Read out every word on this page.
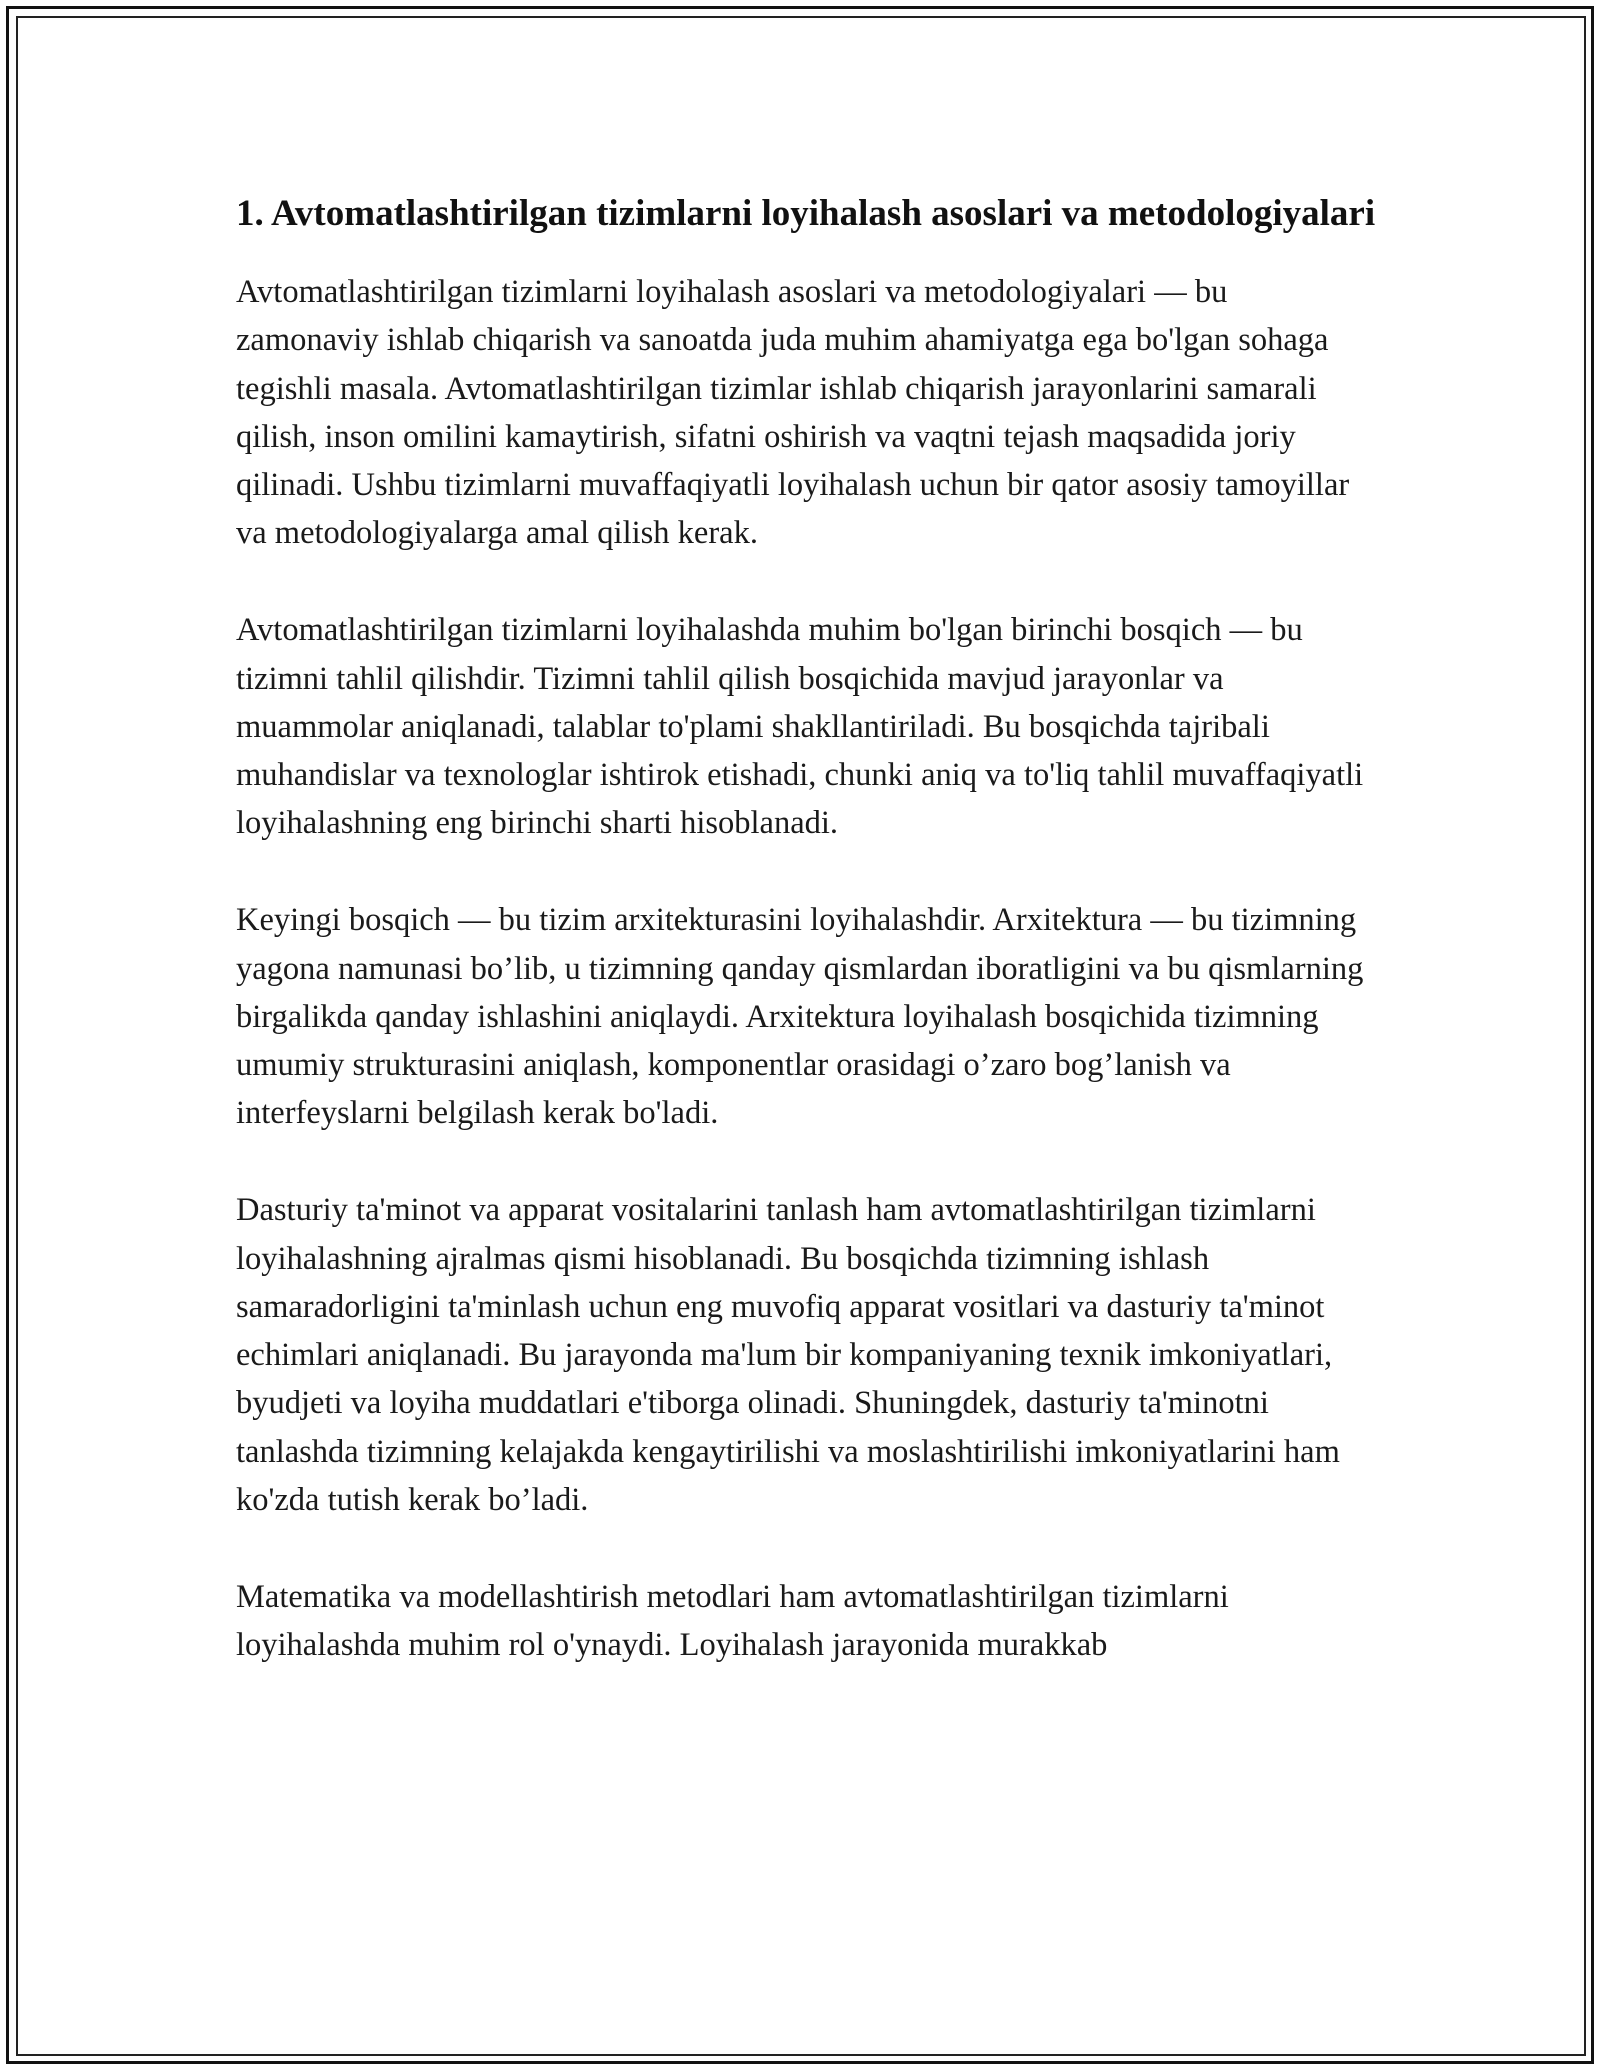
1. Avtomatlashtirilgan tizimlarni loyihalash asoslari va metodologiyalari

Avtomatlashtirilgan tizimlarni loyihalash asoslari va metodologiyalari — bu zamonaviy ishlab chiqarish va sanoatda juda muhim ahamiyatga ega bo'lgan sohaga tegishli masala. Avtomatlashtirilgan tizimlar ishlab chiqarish jarayonlarini samarali qilish, inson omilini kamaytirish, sifatni oshirish va vaqtni tejash maqsadida joriy qilinadi. Ushbu tizimlarni muvaffaqiyatli loyihalash uchun bir qator asosiy tamoyillar va metodologiyalarga amal qilish kerak.

Avtomatlashtirilgan tizimlarni loyihalashda muhim bo'lgan birinchi bosqich — bu tizimni tahlil qilishdir. Tizimni tahlil qilish bosqichida mavjud jarayonlar va muammolar aniqlanadi, talablar to'plami shakllantiriladi. Bu bosqichda tajribali muhandislar va texnologlar ishtirok etishadi, chunki aniq va to'liq tahlil muvaffaqiyatli loyihalashning eng birinchi sharti hisoblanadi.

Keyingi bosqich — bu tizim arxitekturasini loyihalashdir. Arxitektura — bu tizimning yagona namunasi bo’lib, u tizimning qanday qismlardan iboratligini va bu qismlarning birgalikda qanday ishlashini aniqlaydi. Arxitektura loyihalash bosqichida tizimning umumiy strukturasini aniqlash, komponentlar orasidagi o’zaro bog’lanish va interfeyslarni belgilash kerak bo'ladi.

Dasturiy ta'minot va apparat vositalarini tanlash ham avtomatlashtirilgan tizimlarni loyihalashning ajralmas qismi hisoblanadi. Bu bosqichda tizimning ishlash samaradorligini ta'minlash uchun eng muvofiq apparat vositlari va dasturiy ta'minot echimlari aniqlanadi. Bu jarayonda ma'lum bir kompaniyaning texnik imkoniyatlari, byudjeti va loyiha muddatlari e'tiborga olinadi. Shuningdek, dasturiy ta'minotni tanlashda tizimning kelajakda kengaytirilishi va moslashtirilishi imkoniyatlarini ham ko'zda tutish kerak bo’ladi.

Matematika va modellashtirish metodlari ham avtomatlashtirilgan tizimlarni loyihalashda muhim rol o'ynaydi. Loyihalash jarayonida murakkab
